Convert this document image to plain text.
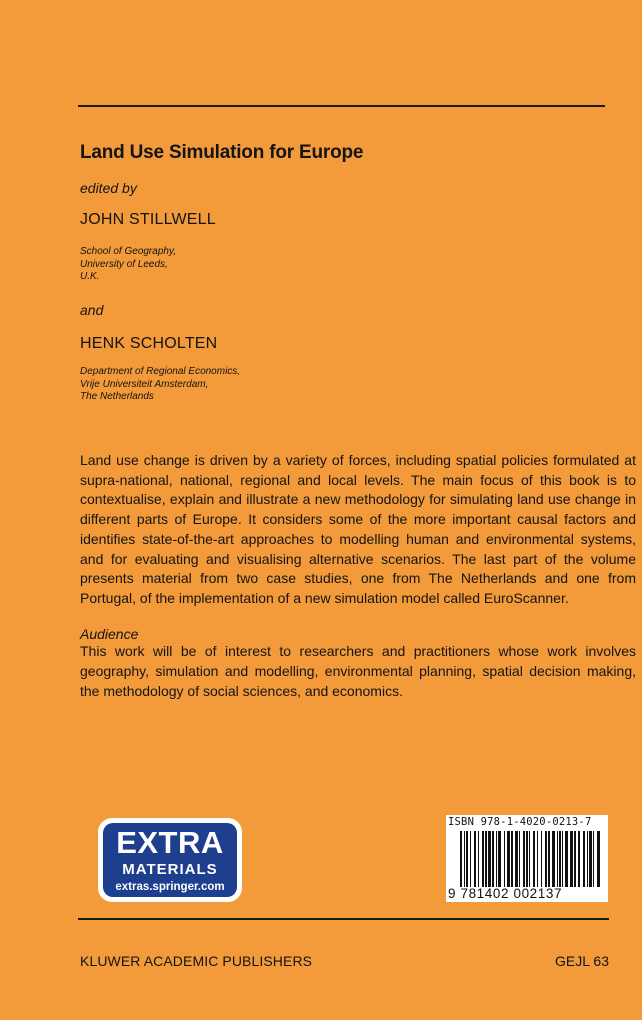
Land Use Simulation for Europe
edited by
JOHN STILLWELL
School of Geography,
University of Leeds,
U.K.
and
HENK SCHOLTEN
Department of Regional Economics,
Vrije Universiteit Amsterdam,
The Netherlands
Land use change is driven by a variety of forces, including spatial policies formulated at supra-national, national, regional and local levels. The main focus of this book is to contextualise, explain and illustrate a new methodology for simulating land use change in different parts of Europe. It considers some of the more important causal factors and identifies state-of-the-art approaches to modelling human and environmental systems, and for evaluating and visualising alternative scenarios. The last part of the volume presents material from two case studies, one from The Netherlands and one from Portugal, of the implementation of a new simulation model called EuroScanner.
Audience
This work will be of interest to researchers and practitioners whose work involves geography, simulation and modelling, environmental planning, spatial decision making, the methodology of social sciences, and economics.
EXTRA
MATERIALS
extras.springer.com
ISBN 978-1-4020-0213-7
9 781402 002137
KLUWER ACADEMIC PUBLISHERS	GEJL 63
